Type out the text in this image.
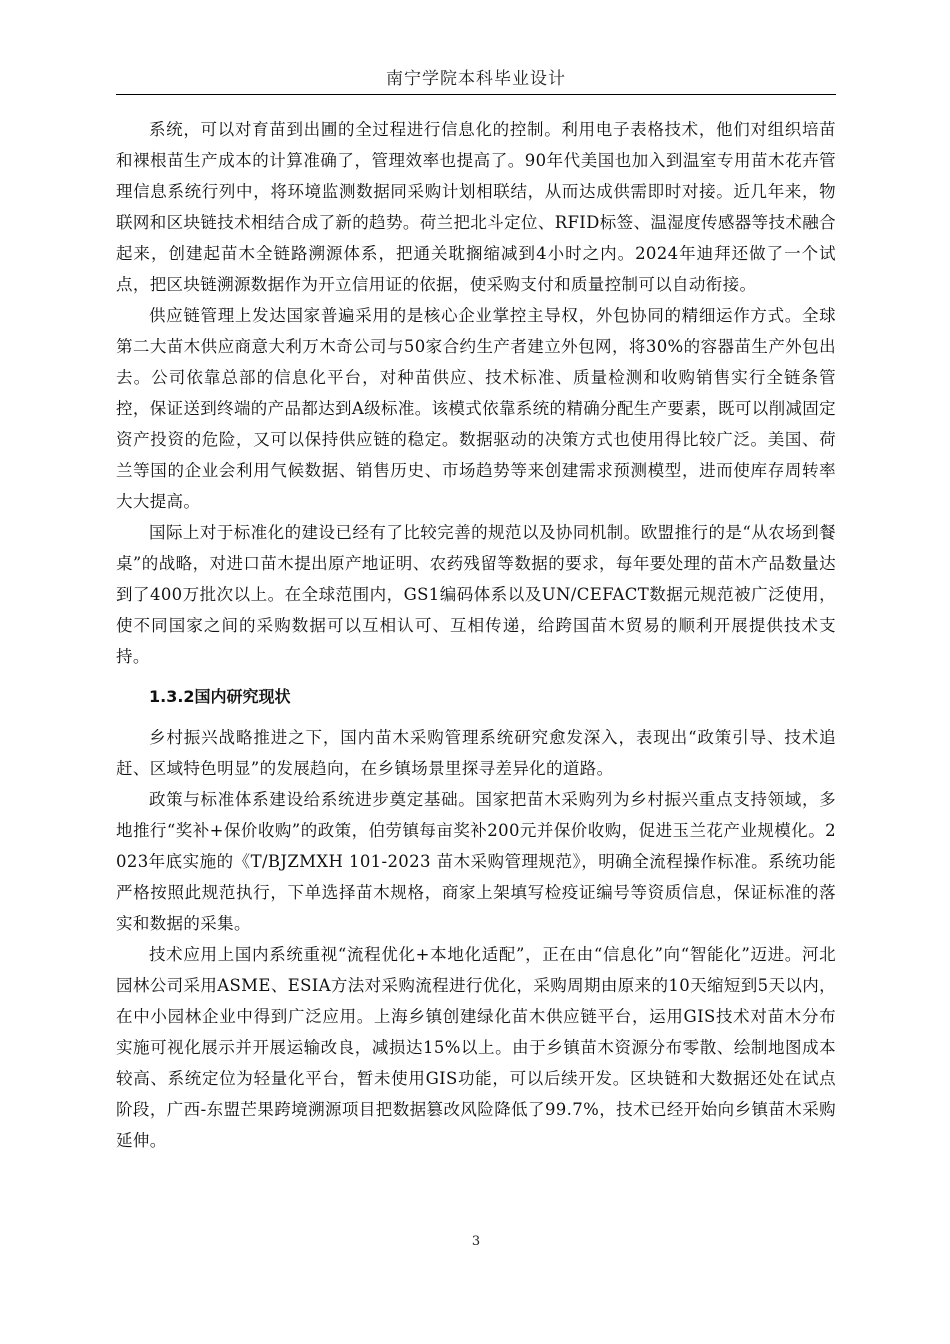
南宁学院本科毕业设计

系统，可以对育苗到出圃的全过程进行信息化的控制。利用电子表格技术，他们对组织培苗和裸根苗生产成本的计算准确了，管理效率也提高了。90年代美国也加入到温室专用苗木花卉管理信息系统行列中，将环境监测数据同采购计划相联结，从而达成供需即时对接。近几年来，物联网和区块链技术相结合成了新的趋势。荷兰把北斗定位、RFID标签、温湿度传感器等技术融合起来，创建起苗木全链路溯源体系，把通关耽搁缩减到4小时之内。2024年迪拜还做了一个试点，把区块链溯源数据作为开立信用证的依据，使采购支付和质量控制可以自动衔接。

供应链管理上发达国家普遍采用的是核心企业掌控主导权，外包协同的精细运作方式。全球第二大苗木供应商意大利万木奇公司与50家合约生产者建立外包网，将30%的容器苗生产外包出去。公司依靠总部的信息化平台，对种苗供应、技术标准、质量检测和收购销售实行全链条管控，保证送到终端的产品都达到A级标准。该模式依靠系统的精确分配生产要素，既可以削减固定资产投资的危险，又可以保持供应链的稳定。数据驱动的决策方式也使用得比较广泛。美国、荷兰等国的企业会利用气候数据、销售历史、市场趋势等来创建需求预测模型，进而使库存周转率大大提高。

国际上对于标准化的建设已经有了比较完善的规范以及协同机制。欧盟推行的是“从农场到餐桌”的战略，对进口苗木提出原产地证明、农药残留等数据的要求，每年要处理的苗木产品数量达到了400万批次以上。在全球范围内，GS1编码体系以及UN/CEFACT数据元规范被广泛使用，使不同国家之间的采购数据可以互相认可、互相传递，给跨国苗木贸易的顺利开展提供技术支持。

1.3.2国内研究现状

乡村振兴战略推进之下，国内苗木采购管理系统研究愈发深入，表现出“政策引导、技术追赶、区域特色明显”的发展趋向，在乡镇场景里探寻差异化的道路。

政策与标准体系建设给系统进步奠定基础。国家把苗木采购列为乡村振兴重点支持领域，多地推行“奖补+保价收购”的政策，伯劳镇每亩奖补200元并保价收购，促进玉兰花产业规模化。2023年底实施的《T/BJZMXH 101-2023 苗木采购管理规范》，明确全流程操作标准。系统功能严格按照此规范执行，下单选择苗木规格，商家上架填写检疫证编号等资质信息，保证标准的落实和数据的采集。

技术应用上国内系统重视“流程优化+本地化适配”，正在由“信息化”向“智能化”迈进。河北园林公司采用ASME、ESIA方法对采购流程进行优化，采购周期由原来的10天缩短到5天以内，在中小园林企业中得到广泛应用。上海乡镇创建绿化苗木供应链平台，运用GIS技术对苗木分布实施可视化展示并开展运输改良，减损达15%以上。由于乡镇苗木资源分布零散、绘制地图成本较高、系统定位为轻量化平台，暂未使用GIS功能，可以后续开发。区块链和大数据还处在试点阶段，广西-东盟芒果跨境溯源项目把数据篡改风险降低了99.7%，技术已经开始向乡镇苗木采购延伸。

3
